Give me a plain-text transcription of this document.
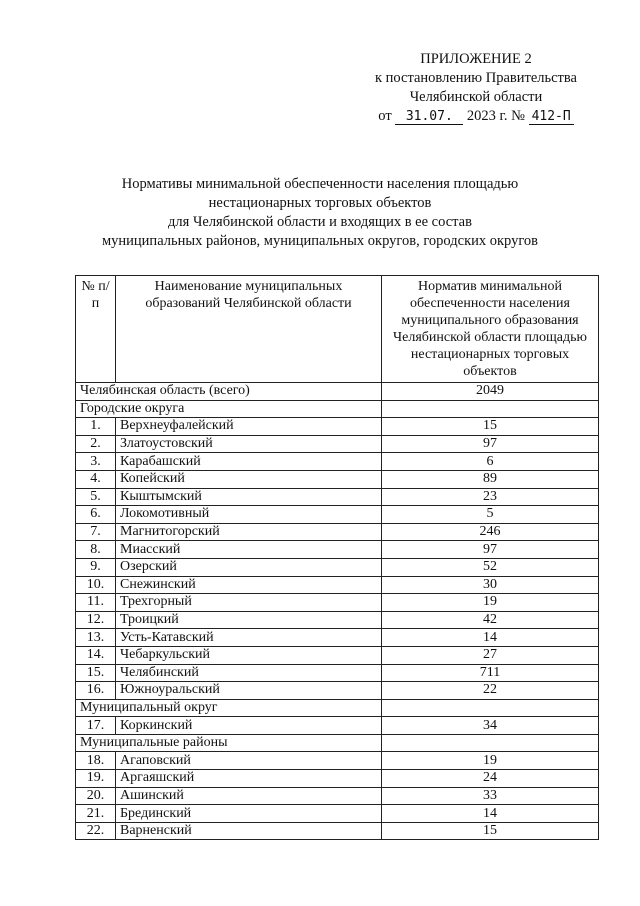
ПРИЛОЖЕНИЕ 2
к постановлению Правительства
Челябинской области
от 31.07. 2023 г. № 412-П
Нормативы минимальной обеспеченности населения площадью
нестационарных торговых объектов
для Челябинской области и входящих в ее состав
муниципальных районов, муниципальных округов, городских округов
№ п/п	Наименование муниципальных образований Челябинской области	Норматив минимальной обеспеченности населения муниципального образования Челябинской области площадью нестационарных торговых объектов
Челябинская область (всего)		2049
Городские округа		
1.	Верхнеуфалейский	15
2.	Златоустовский	97
3.	Карабашский	6
4.	Копейский	89
5.	Кыштымский	23
6.	Локомотивный	5
7.	Магнитогорский	246
8.	Миасский	97
9.	Озерский	52
10.	Снежинский	30
11.	Трехгорный	19
12.	Троицкий	42
13.	Усть-Катавский	14
14.	Чебаркульский	27
15.	Челябинский	711
16.	Южноуральский	22
Муниципальный округ		
17.	Коркинский	34
Муниципальные районы		
18.	Агаповский	19
19.	Аргаяшский	24
20.	Ашинский	33
21.	Брединский	14
22.	Варненский	15
